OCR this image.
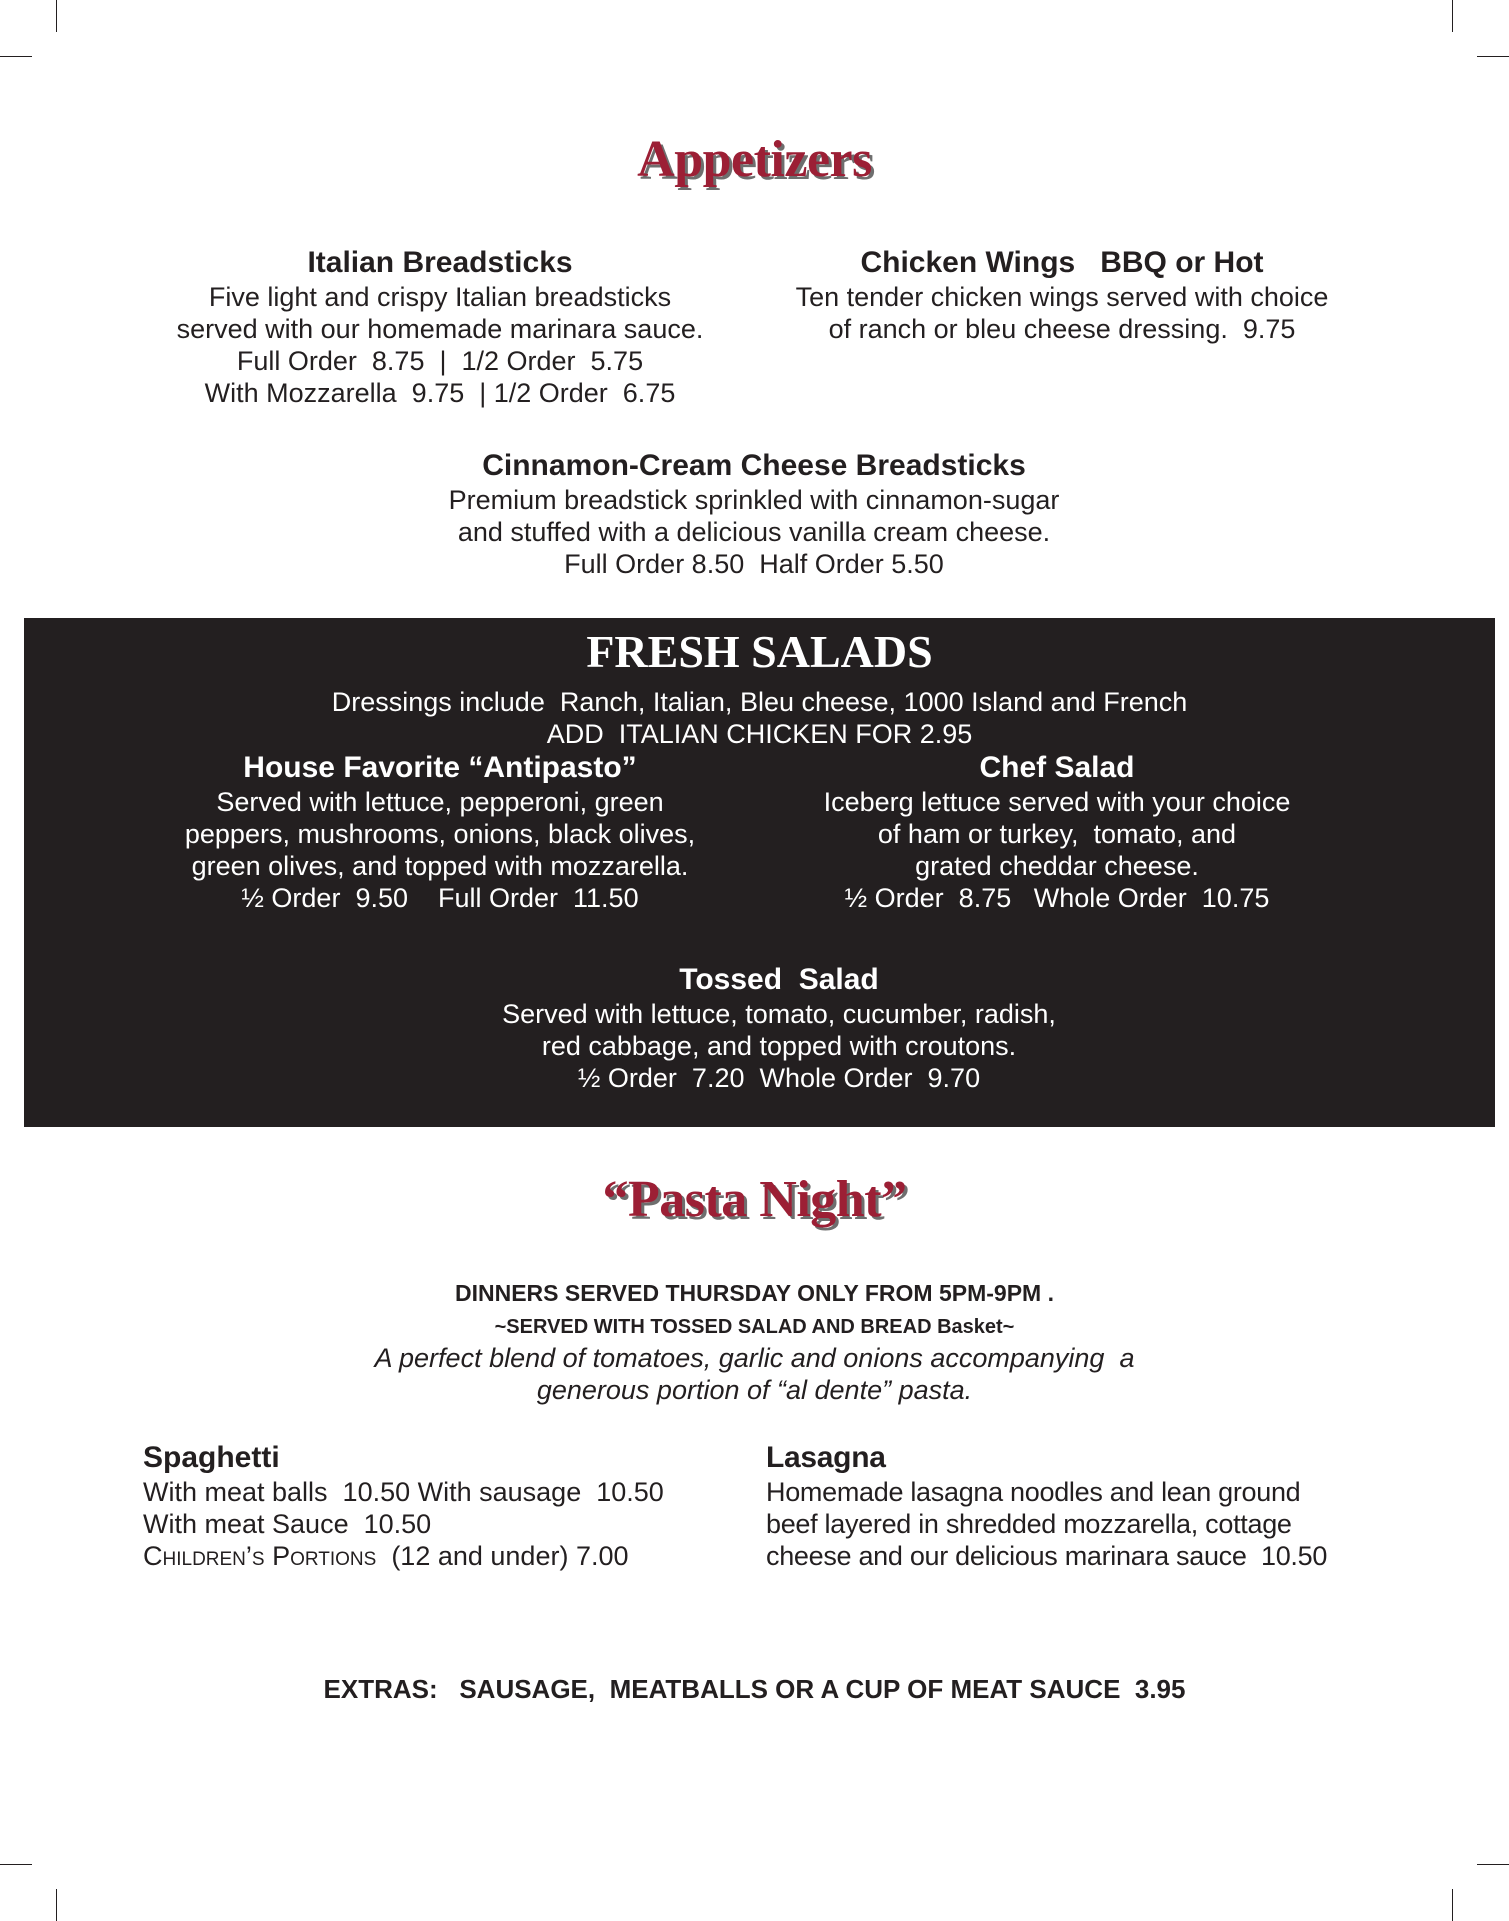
Appetizers
Italian Breadsticks
Five light and crispy Italian breadsticks
served with our homemade marinara sauce.
Full Order  8.75  |  1/2 Order  5.75
With Mozzarella  9.75  | 1/2 Order  6.75
Chicken Wings   BBQ or Hot
Ten tender chicken wings served with choice
of ranch or bleu cheese dressing.  9.75
Cinnamon-Cream Cheese Breadsticks
Premium breadstick sprinkled with cinnamon-sugar
and stuffed with a delicious vanilla cream cheese.
Full Order 8.50  Half Order 5.50
FRESH SALADS
Dressings include  Ranch, Italian, Bleu cheese, 1000 Island and French
ADD  ITALIAN CHICKEN FOR 2.95
House Favorite “Antipasto”
Served with lettuce, pepperoni, green
peppers, mushrooms, onions, black olives,
green olives, and topped with mozzarella.
½ Order  9.50    Full Order  11.50
Chef Salad
Iceberg lettuce served with your choice
of ham or turkey,  tomato, and
grated cheddar cheese.
½ Order  8.75   Whole Order  10.75
Tossed  Salad
Served with lettuce, tomato, cucumber, radish,
red cabbage, and topped with croutons.
½ Order  7.20  Whole Order  9.70
“Pasta Night”
DINNERS SERVED THURSDAY ONLY FROM 5PM-9PM .
~SERVED WITH TOSSED SALAD AND BREAD Basket~
A perfect blend of tomatoes, garlic and onions accompanying  a
generous portion of “al dente” pasta.
Spaghetti
With meat balls  10.50 With sausage  10.50
With meat Sauce  10.50
Children’s Portions  (12 and under) 7.00
Lasagna
Homemade lasagna noodles and lean ground
beef layered in shredded mozzarella, cottage
cheese and our delicious marinara sauce  10.50
EXTRAS:   SAUSAGE,  MEATBALLS OR A CUP OF MEAT SAUCE  3.95
